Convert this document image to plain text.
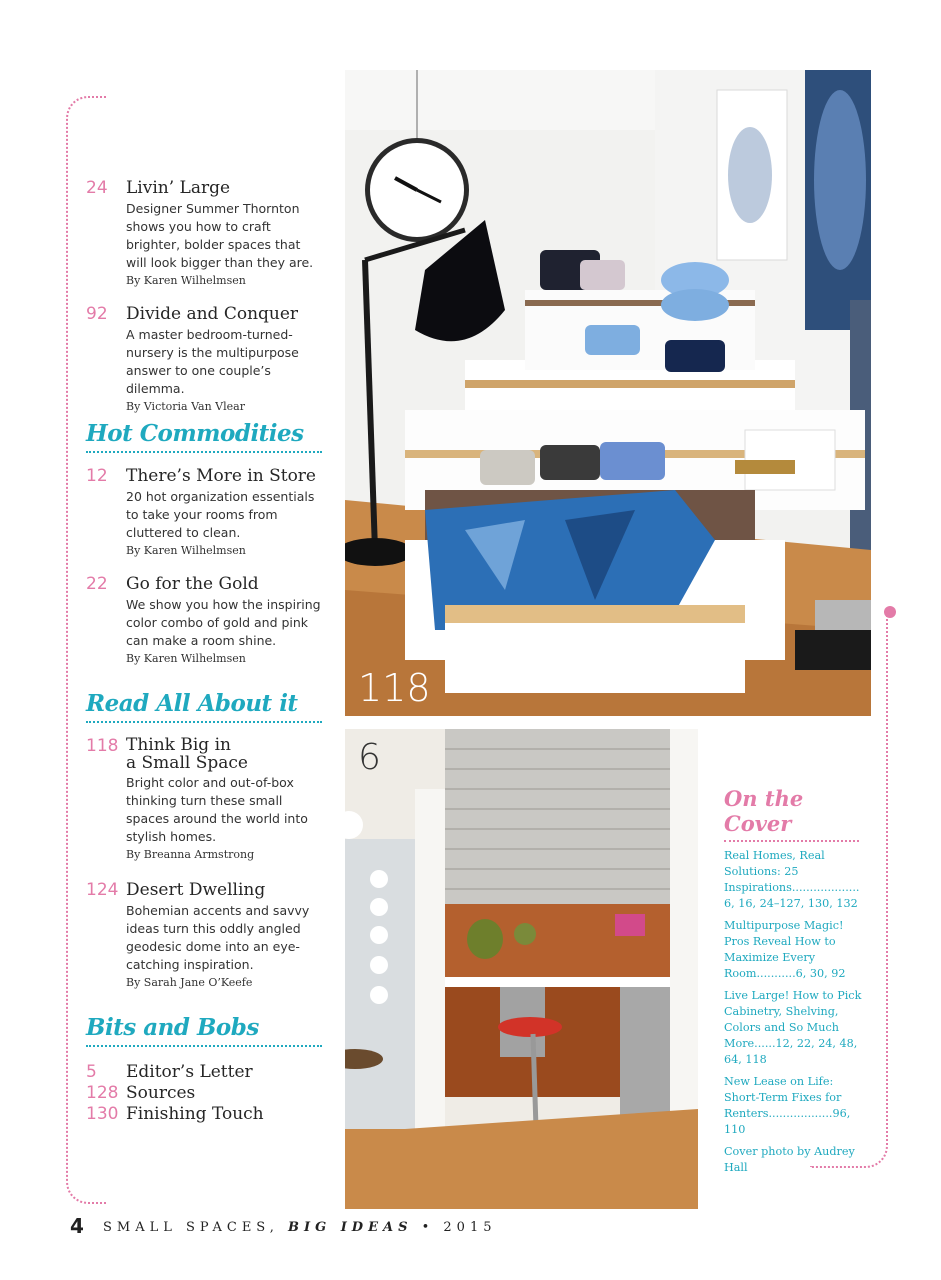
24 Livin’ Large
Designer Summer Thornton shows you how to craft brighter, bolder spaces that will look bigger than they are.
By Karen Wilhelmsen
92 Divide and Conquer
A master bedroom-turned-nursery is the multipurpose answer to one couple’s dilemma.
By Victoria Van Vlear
Hot Commodities
12 There’s More in Store
20 hot organization essentials to take your rooms from cluttered to clean.
By Karen Wilhelmsen
22 Go for the Gold
We show you how the inspiring color combo of gold and pink can make a room shine.
By Karen Wilhelmsen
Read All About it
118 Think Big in
a Small Space
Bright color and out-of-box thinking turn these small spaces around the world into stylish homes.
By Breanna Armstrong
124 Desert Dwelling
Bohemian accents and savvy ideas turn this oddly angled geodesic dome into an eye-catching inspiration.
By Sarah Jane O’Keefe
Bits and Bobs
5 Editor’s Letter
128 Sources
130 Finishing Touch
118
6
On the Cover
Real Homes, Real Solutions: 25 Inspirations................... 6, 16, 24–127, 130, 132
Multipurpose Magic! Pros Reveal How to Maximize Every Room...........6, 30, 92
Live Large! How to Pick Cabinetry, Shelving, Colors and So Much More......12, 22, 24, 48, 64, 118
New Lease on Life: Short-Term Fixes for Renters..................96, 110
Cover photo by Audrey Hall
4 SMALL SPACES, BIG IDEAS • 2015
